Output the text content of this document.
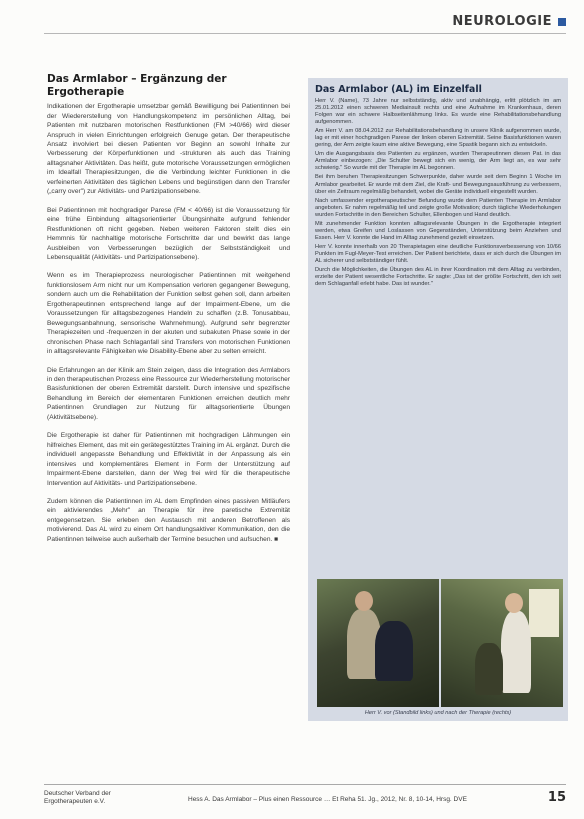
NEUROLOGIE
Das Armlabor – Ergänzung der Ergotherapie

Indikationen der Ergotherapie umsetzbar gemäß Bewilligung bei Patientinnen bei der Wiedererstellung von Handlungskompetenz im persönlichen Alltag, bei Patienten mit nutzbaren motorischen Restfunktionen (FM >40/66) wird dieser Anspruch in vielen Einrichtungen erfolgreich Genuge getan. Der therapeutische Ansatz involviert bei diesen Patienten vor Beginn an sowohl Inhalte zur Verbesserung der Körperfunktionen und -strukturen als auch das Training alltagsnaher Aktivitäten. Das heißt, gute motorische Voraussetzungen ermöglichen im Idealfall Therapiesitzungen, die die Verbindung leichter Funktionen in die verfeinerten Aktivitäten des täglichen Lebens und begünstigen dann den Transfer („carry over") zur Aktivitäts- und Partizipationsebene.

Bei Patientinnen mit hochgradiger Parese (FM < 40/66) ist die Voraussetzung für eine frühe Einbindung alltagsorientierter Übungsinhalte aufgrund fehlender Restfunktionen oft nicht gegeben. Neben weiteren Faktoren stellt dies ein Hemmnis für nachhaltige motorische Fortschritte dar und bewirkt das lange Ausbleiben von Verbesserungen bezüglich der Selbstständigkeit und Lebensqualität (Aktivitäts- und Partizipationsebene).

Wenn es im Therapieprozess neurologischer Patientinnen mit weitgehend funktionslosem Arm nicht nur um Kompensation verloren gegangener Bewegung, sondern auch um die Rehabilitation der Funktion selbst gehen soll, dann arbeiten Ergotherapeutinnen entsprechend lange auf der Impairment-Ebene, um die Voraussetzungen für alltagsbezogenes Handeln zu schaffen (z.B. Tonusabbau, Bewegungsanbahnung, sensorische Wahrnehmung). Aufgrund sehr begrenzter Therapiezeiten und -frequenzen in der akuten und subakuten Phase sowie in der chronischen Phase nach Schlaganfall sind Transfers von motorischen Funktionen in alltagsrelevante Fähigkeiten wie Disability-Ebene aber zu selten erreicht.

Die Erfahrungen an der Klinik am Stein zeigen, dass die Integration des Armlabors in den therapeutischen Prozess eine Ressource zur Wiederherstellung motorischer Basisfunktionen der oberen Extremität darstellt. Durch intensive und spezifische Behandlung im Bereich der elementaren Funktionen erreichen deutlich mehr Patientinnen Grundlagen zur Nutzung für alltagsorientierte Übungen (Aktivitätsebene).

Die Ergotherapie ist daher für Patientinnen mit hochgradigen Lähmungen ein hilfreiches Element, das mit ein gerätegestütztes Training im AL ergänzt. Durch die individuell angepasste Behandlung und Effektivität in der Anpassung als ein intensives und komplementäres Element in Form der Unterstützung auf Impairment-Ebene darstellen, dann der Weg frei wird für die therapeutische Intervention auf Aktivitäts- und Partizipationsebene.

Zudem können die Patientinnen im AL dem Empfinden eines passiven Mitläufers ein aktivierendes „Mehr" an Therapie für ihre paretische Extremität entgegensetzen. Sie erleben den Austausch mit anderen Betroffenen als motivierend. Das AL wird zu einem Ort handlungsaktiver Kommunikation, den die Patientinnen teilweise auch außerhalb der Termine besuchen und aufsuchen. ■

Das Armlabor (AL) im Einzelfall

Herr V. (Name), 73 Jahre nur selbstständig, aktiv und unabhängig, erlitt plötzlich im am 25.01.2012 einen schweren Mediainsult rechts und eine Aufnahme im Krankenhaus, deren Folgen war ein schwere Halbseitenlähmung links. Es wurde eine Rehabilitationsbehandlung aufgenommen.

Am Herr V. am 08.04.2012 zur Rehabilitationsbehandlung in unsere Klinik aufgenommen wurde, lag er mit einer hochgradigen Parese der linken oberen Extremität. Seine Basisfunktionen waren gering, der Arm zeigte kaum eine aktive Bewegung, eine Spastik begann sich zu entwickeln.

Um die Ausgangsbasis des Patienten zu ergänzen, wurden Therapeutinnen diesen Pat. in das Armlabor einbezogen: „Die Schulter bewegt sich ein wenig, der Arm liegt an, es war sehr schwierig." So wurde mit der Therapie im AL begonnen.

Bei ihm beruhen Therapiesitzungen Schwerpunkte, daher wurde seit dem Beginn 1 Woche im Armlabor gearbeitet. Er wurde mit dem Ziel, die Kraft- und Bewegungsausführung zu verbessern, über ein Zeitraum regelmäßig behandelt, wobei die Geräte individuell eingestellt wurden.

Nach umfassender ergotherapeutischer Befundung wurde dem Patienten Therapie im Armlabor angeboten. Er nahm regelmäßig teil und zeigte große Motivation; durch tägliche Wiederholungen wurden Fortschritte in den Bereichen Schulter, Ellenbogen und Hand deutlich.

Mit zunehmender Funktion konnten alltagsrelevante Übungen in die Ergotherapie integriert werden, etwa Greifen und Loslassen von Gegenständen, Unterstützung beim Anziehen und Essen. Herr V. konnte die Hand im Alltag zunehmend gezielt einsetzen.

Herr V. konnte innerhalb von 20 Therapietagen eine deutliche Funktionsverbesserung von 10/66 Punkten im Fugl-Meyer-Test erreichen. Der Patient berichtete, dass er sich durch die Übungen im AL sicherer und selbstständiger fühlt.

Durch die Möglichkeiten, die Übungen des AL in ihrer Koordination mit dem Alltag zu verbinden, erzielte der Patient wesentliche Fortschritte. Er sagte: „Das ist der größte Fortschritt, den ich seit dem Schlaganfall erlebt habe. Das ist wunder."

Herr V. vor (Standbild links) und nach der Therapie (rechts)
Deutscher Verband der
Ergotherapeuten e.V.	Hess A. Das Armlabor – Plus einen Ressource … Et Reha 51. Jg., 2012, Nr. 8, 10-14, Hrsg. DVE	15
